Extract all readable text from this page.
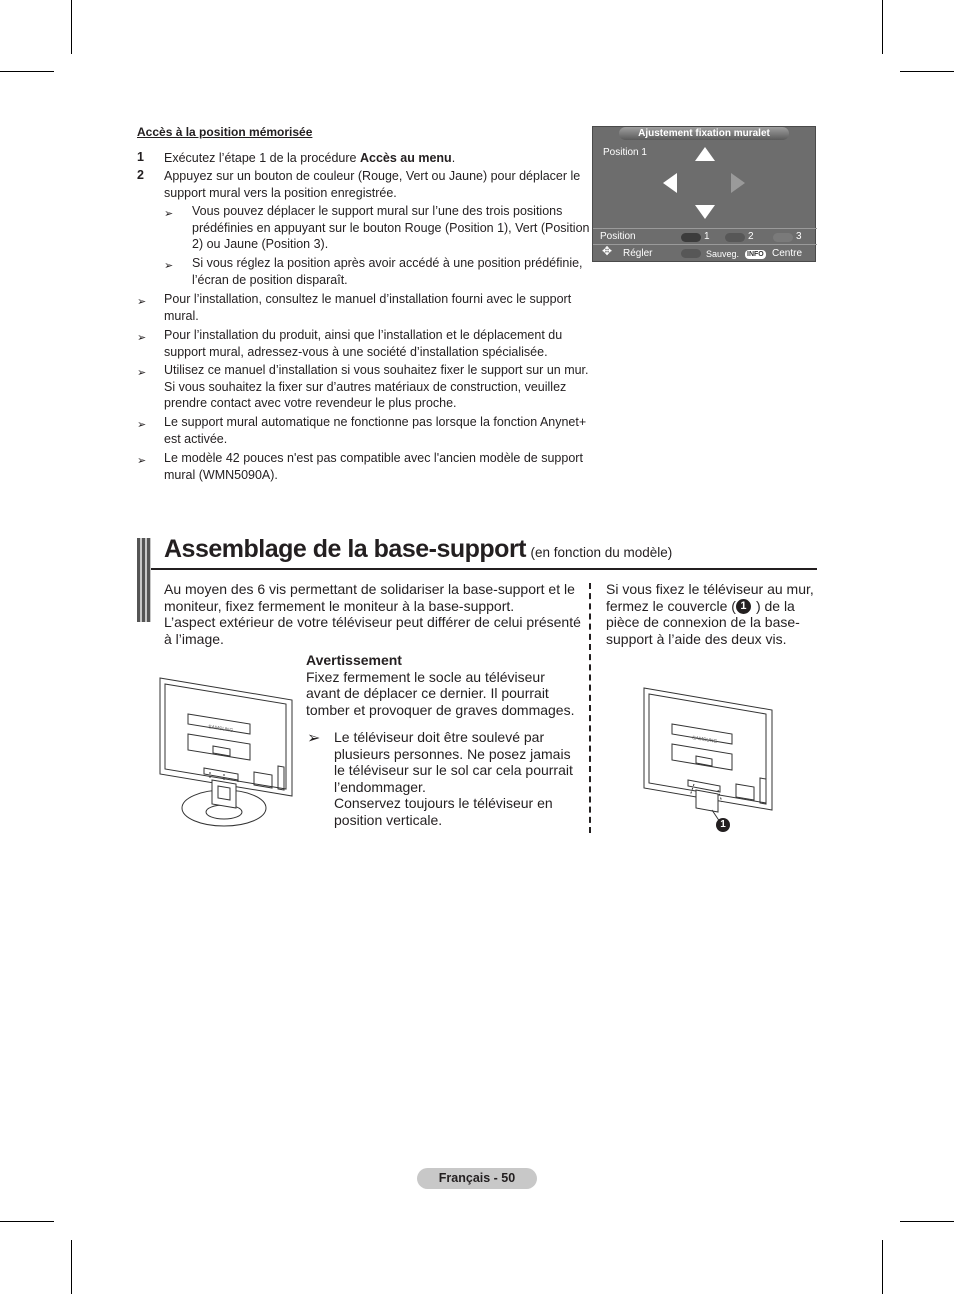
Accès à la position mémorisée
1 Exécutez l’étape 1 de la procédure Accès au menu.
2 Appuyez sur un bouton de couleur (Rouge, Vert ou Jaune) pour déplacer le
support mural vers la position enregistrée.
➢ Vous pouvez déplacer le support mural sur l’une des trois positions
prédéfinies en appuyant sur le bouton Rouge (Position 1), Vert (Position
2) ou Jaune (Position 3).
➢ Si vous réglez la position après avoir accédé à une position prédéfinie,
l’écran de position disparaît.
➢ Pour l’installation, consultez le manuel d’installation fourni avec le support
mural.
➢ Pour l’installation du produit, ainsi que l’installation et le déplacement du
support mural, adressez-vous à une société d’installation spécialisée.
➢ Utilisez ce manuel d’installation si vous souhaitez fixer le support sur un mur.
Si vous souhaitez la fixer sur d’autres matériaux de construction, veuillez
prendre contact avec votre revendeur le plus proche.
➢ Le support mural automatique ne fonctionne pas lorsque la fonction Anynet+
est activée.
➢ Le modèle 42 pouces n'est pas compatible avec l'ancien modèle de support
mural (WMN5090A).
Ajustement fixation muralet
Position 1
Position	1	2	3
✥ Régler	Sauveg. INFO Centre
Assemblage de la base-support (en fonction du modèle)
Au moyen des 6 vis permettant de solidariser la base-support et le
moniteur, fixez fermement le moniteur à la base-support.
L’aspect extérieur de votre téléviseur peut différer de celui présenté
à l’image.
Avertissement
Fixez fermement le socle au téléviseur
avant de déplacer ce dernier. Il pourrait
tomber et provoquer de graves dommages.
➢ Le téléviseur doit être soulevé par
plusieurs personnes. Ne posez jamais
le téléviseur sur le sol car cela pourrait
l’endommager.
Conservez toujours le téléviseur en
position verticale.
Si vous fixez le téléviseur au mur,
fermez le couvercle ( 1 ) de la
pièce de connexion de la base-
support à l’aide des deux vis.
SAMSUNG
SAMSUNG
1
Français - 50
